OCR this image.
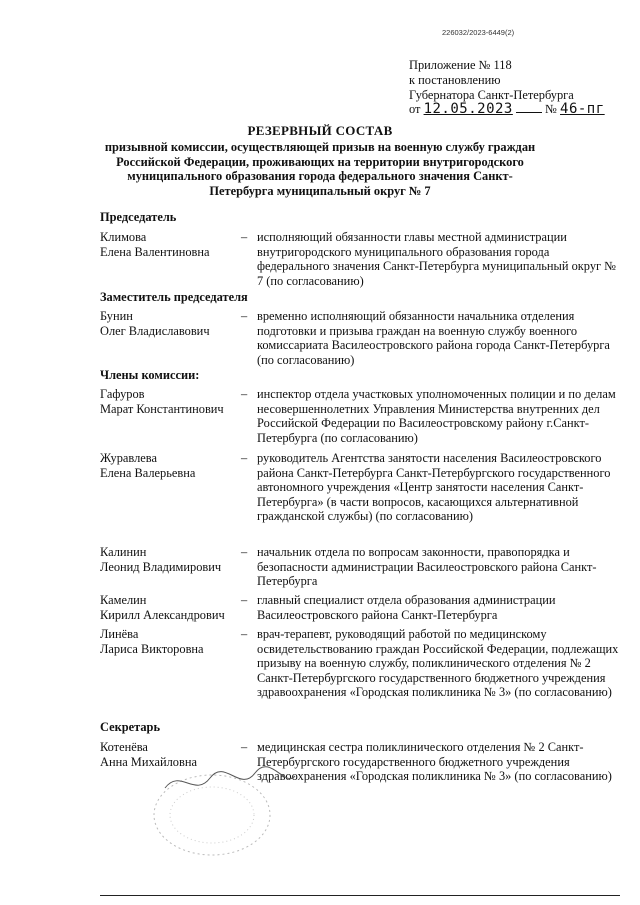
226032/2023-6449(2)
Приложение № 118
к постановлению
Губернатора Санкт-Петербурга
от 12.05.2023	№ 46-пг
РЕЗЕРВНЫЙ СОСТАВ
призывной комиссии, осуществляющей призыв на военную службу граждан Российской Федерации, проживающих на территории внутригородского муниципального образования города федерального значения Санкт-Петербурга муниципальный округ № 7
Председатель
Климова
Елена Валентиновна
– исполняющий обязанности главы местной администрации внутригородского муниципального образования города федерального значения Санкт-Петербурга муниципальный округ № 7 (по согласованию)
Заместитель председателя
Бунин
Олег Владиславович
– временно исполняющий обязанности начальника отделения подготовки и призыва граждан на военную службу военного комиссариата Василеостровского района города Санкт-Петербурга (по согласованию)
Члены комиссии:
Гафуров
Марат Константинович
– инспектор отдела участковых уполномоченных полиции и по делам несовершеннолетних Управления Министерства внутренних дел Российской Федерации по Василеостровскому району г.Санкт-Петербурга (по согласованию)
Журавлева
Елена Валерьевна
– руководитель Агентства занятости населения Василеостровского района Санкт-Петербурга Санкт-Петербургского государственного автономного учреждения «Центр занятости населения Санкт-Петербурга» (в части вопросов, касающихся альтернативной гражданской службы) (по согласованию)
Калинин
Леонид Владимирович
– начальник отдела по вопросам законности, правопорядка и безопасности администрации Василеостровского района Санкт-Петербурга
Камелин
Кирилл Александрович
– главный специалист отдела образования администрации Василеостровского района Санкт-Петербурга
Линёва
Лариса Викторовна
– врач-терапевт, руководящий работой по медицинскому освидетельствованию граждан Российской Федерации, подлежащих призыву на военную службу, поликлинического отделения № 2 Санкт-Петербургского государственного бюджетного учреждения здравоохранения «Городская поликлиника № 3» (по согласованию)
Секретарь
Котенёва
Анна Михайловна
– медицинская сестра поликлинического отделения № 2 Санкт-Петербургского государственного бюджетного учреждения здравоохранения «Городская поликлиника № 3» (по согласованию)
